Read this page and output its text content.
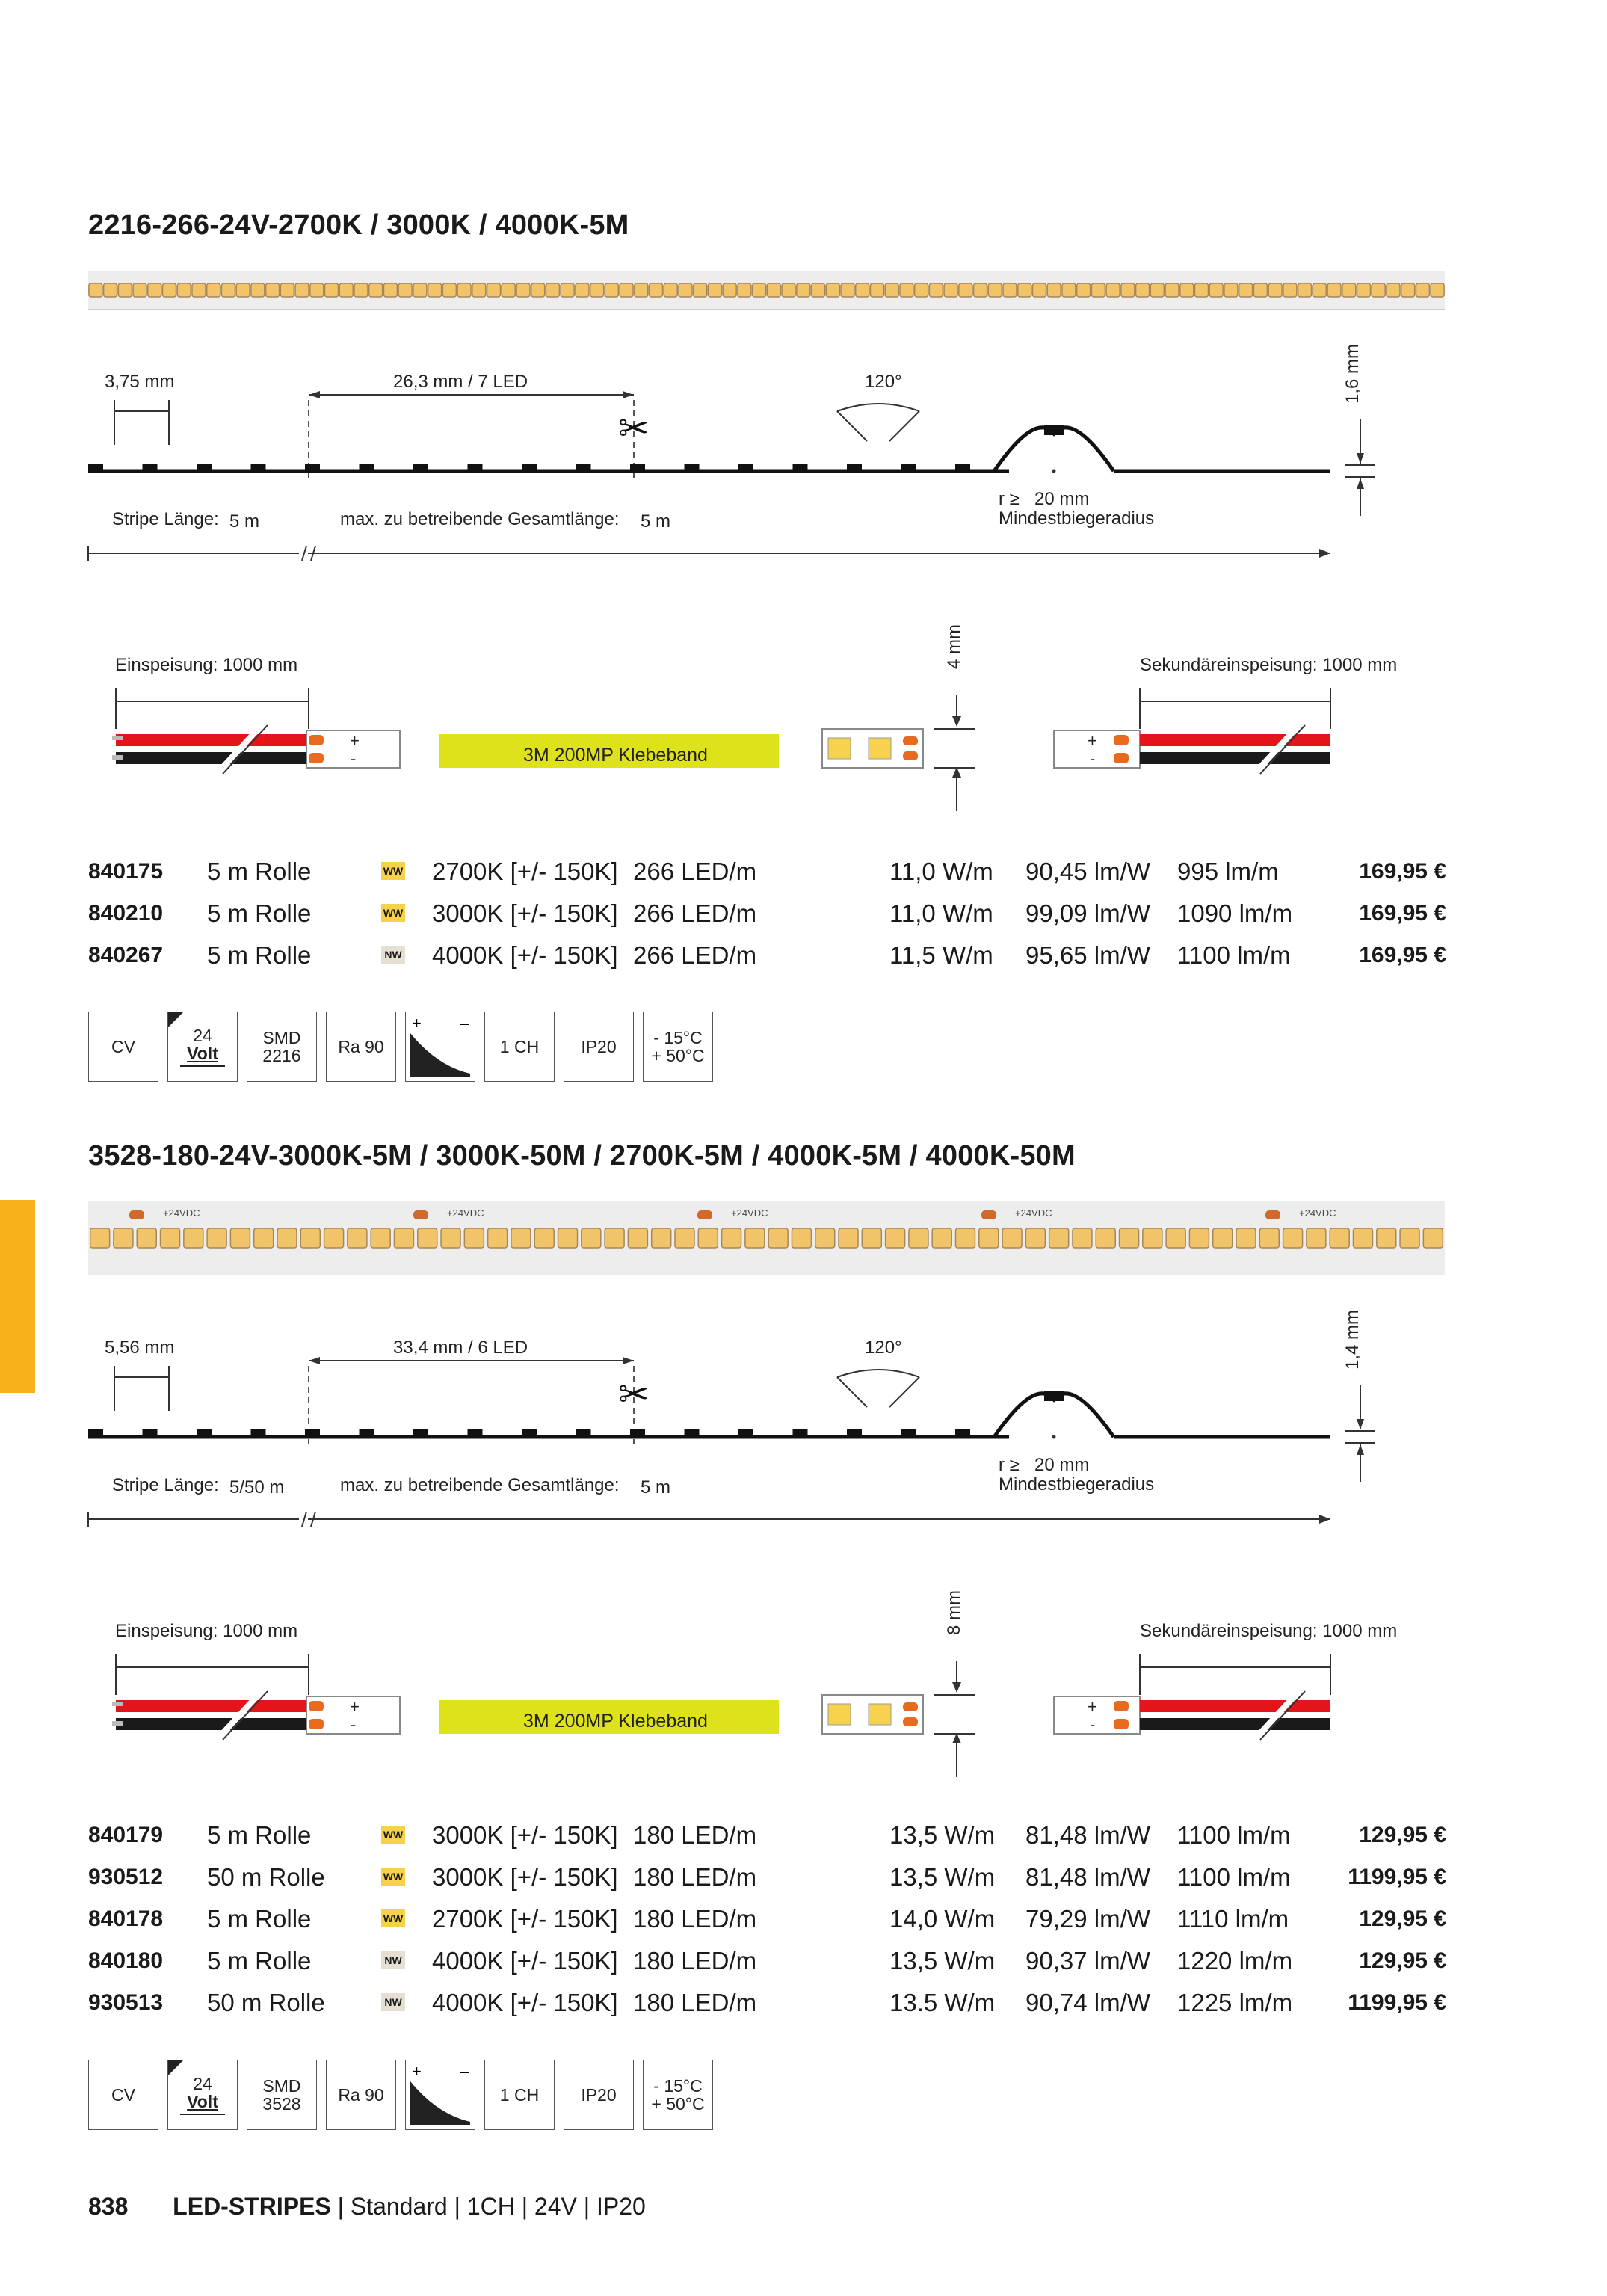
2216-266-24V-2700K / 3000K / 4000K-5M
✂
3,75 mm	26,3 mm / 7 LED	120°	1,6 mm
r ≥ 20 mm
Mindestbiegeradius
Stripe Länge: 5 m	max. zu betreibende Gesamtlänge: 5 m
+
-
+
-
Einspeisung: 1000 mm	Sekundäreinspeisung: 1000 mm
3M 200MP Klebeband
4 mm
840175 5 m Rolle	2700K [+/- 150K] 266 LED/m	11,0 W/m 90,45 lm/W 995 lm/m	169,95 €
WW
840210 5 m Rolle	3000K [+/- 150K] 266 LED/m	11,0 W/m 99,09 lm/W 1090 lm/m	169,95 €
WW
840267 5 m Rolle	4000K [+/- 150K] 266 LED/m	11,5 W/m 95,65 lm/W 1100 lm/m	169,95 €
NW
CV
24
Volt
SMD
2216 Ra 90
+ –
1 CH IP20 - 15°C
+ 50°C
3528-180-24V-3000K-5M / 3000K-50M / 2700K-5M / 4000K-5M / 4000K-50M
+24VDC	+24VDC	+24VDC	+24VDC	+24VDC
✂
5,56 mm	33,4 mm / 6 LED	120°	1,4 mm
r ≥ 20 mm
Mindestbiegeradius
Stripe Länge: 5/50 m	max. zu betreibende Gesamtlänge: 5 m
+
-
+
-
Einspeisung: 1000 mm	Sekundäreinspeisung: 1000 mm
3M 200MP Klebeband
8 mm
840179 5 m Rolle	3000K [+/- 150K] 180 LED/m	13,5 W/m 81,48 lm/W 1100 lm/m	129,95 €
WW
930512 50 m Rolle	3000K [+/- 150K] 180 LED/m	13,5 W/m 81,48 lm/W 1100 lm/m	1199,95 €
WW
840178 5 m Rolle	2700K [+/- 150K] 180 LED/m	14,0 W/m 79,29 lm/W 1110 lm/m	129,95 €
WW
840180 5 m Rolle	4000K [+/- 150K] 180 LED/m	13,5 W/m 90,37 lm/W 1220 lm/m	129,95 €
NW
930513 50 m Rolle	4000K [+/- 150K] 180 LED/m	13.5 W/m 90,74 lm/W 1225 lm/m	1199,95 €
NW
CV
24
Volt
SMD
3528 Ra 90
+ –
1 CH IP20 - 15°C
+ 50°C
838 LED-STRIPES | Standard | 1CH | 24V | IP20
